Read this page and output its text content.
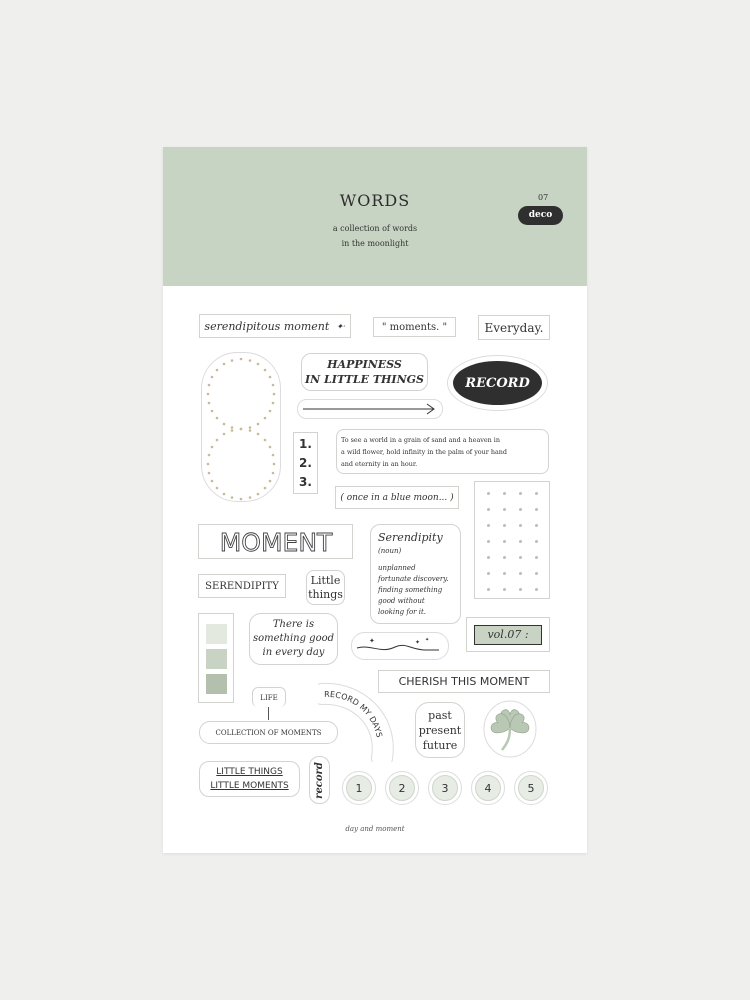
WORDS
a collection of words
in the moonlight
07
deco
serendipitous moment ✦·	" moments. "	Everyday.
HAPPINESS
IN LITTLE THINGS	RECORD
1.
2.
3.
To see a world in a grain of sand and a heaven in
a wild flower, hold infinity in the palm of your hand
and eternity in an hour.
( once in a blue moon... )
MOMENT	Serendipity
(noun)
unplanned
fortunate discovery.
finding something
good without
looking for it.
SERENDIPITY	Little
things
There is
something good
in every day
✦	✦ ✦	vol.07 :
CHERISH THIS MOMENT
LIFE
COLLECTION OF MOMENTS
RECORD MY DAYS
past
present
future
LITTLE THINGS
LITTLE MOMENTS	record	1	2	3	4	5
day and moment
